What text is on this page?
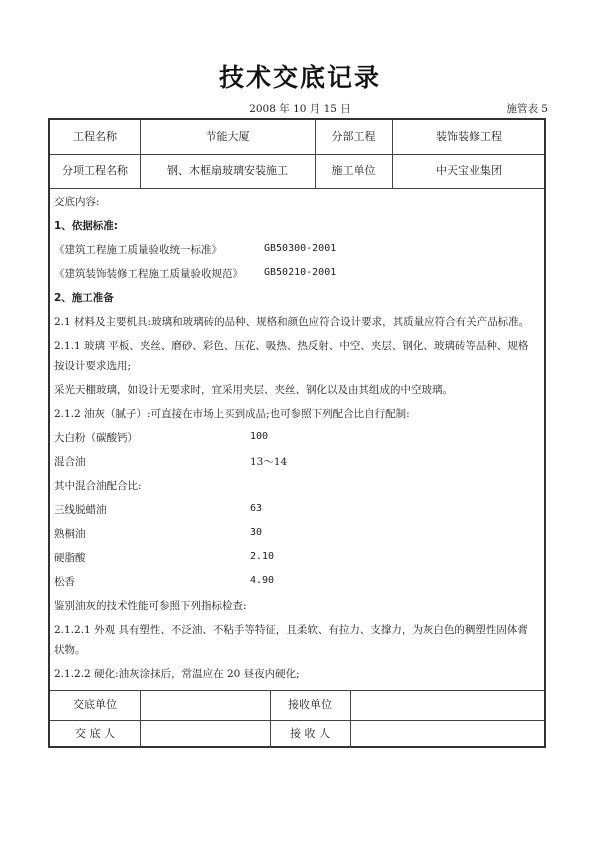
技术交底记录
2008 年 10 月 15 日	施管表 5
工程名称	节能大厦	分部工程	装饰装修工程
分项工程名称	钢、木框扇玻璃安装施工	施工单位	中天宝业集团
交底内容:
1、依据标准:
《建筑工程施工质量验收统一标准》	GB50300-2001
《建筑装饰装修工程施工质量验收规范》 GB50210-2001
2、施工准备
2.1 材料及主要机具:玻璃和玻璃砖的品种、规格和颜色应符合设计要求，其质量应符合有关产品标准。
2.1.1 玻璃 平板、夹丝、磨砂、彩色、压花、吸热、热反射、中空、夹层、钢化、玻璃砖等品种、规格
按设计要求选用;
采光天棚玻璃，如设计无要求时，宜采用夹层、夹丝、钢化以及由其组成的中空玻璃。
2.1.2 油灰（腻子）:可直接在市场上买到成品;也可参照下列配合比自行配制:
大白粉（碳酸钙）	100
混合油	13～14
其中混合油配合比:
三线脱蜡油	63
熟桐油	30
硬脂酸	2.10
松香	4.90
鉴别油灰的技术性能可参照下列指标检查:
2.1.2.1 外观 具有塑性、不泛油、不粘手等特征，且柔软、有拉力、支撑力，为灰白色的稠塑性固体膏
状物。
2.1.2.2 硬化:油灰涂抹后，常温应在 20 昼夜内硬化;
交底单位	接收单位
交 底 人	接 收 人
